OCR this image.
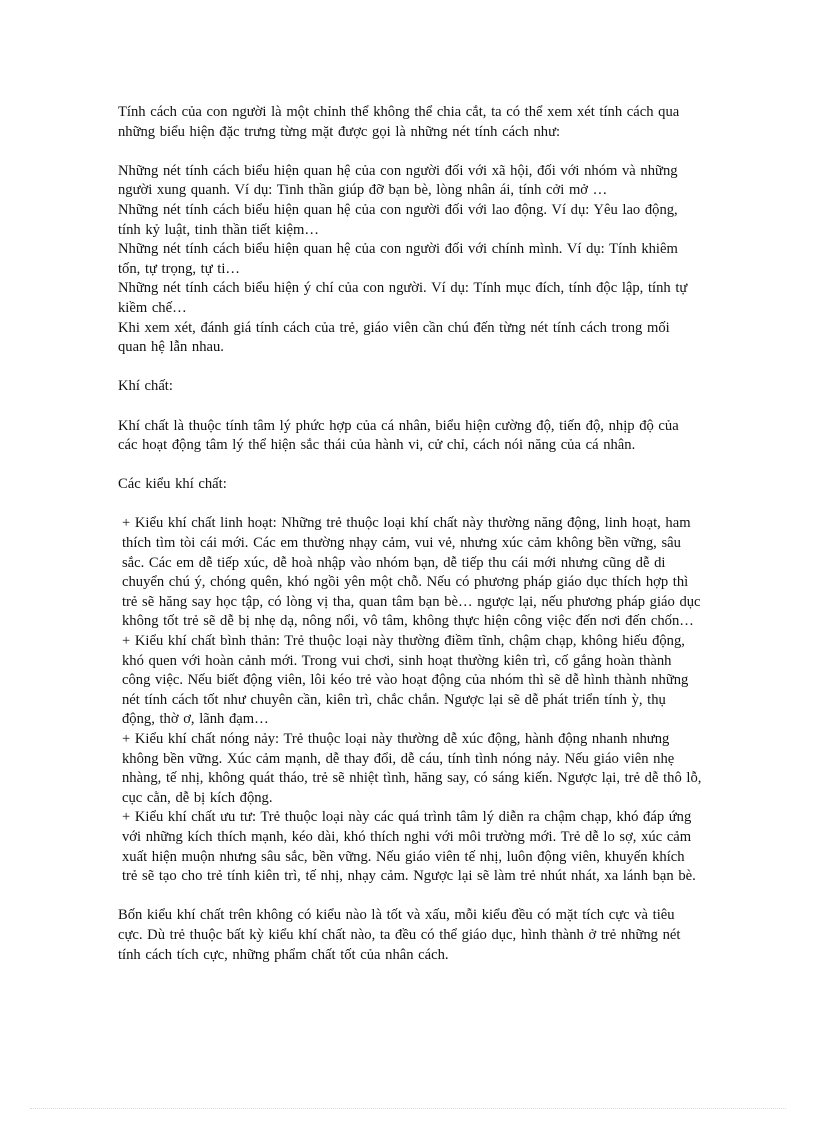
Tính cách của con người là một chỉnh thể không thể chia cắt, ta có thể xem xét tính cách qua những biểu hiện đặc trưng từng mặt được gọi là những nét tính cách như:

Những nét tính cách biểu hiện quan hệ của con người đối với xã hội, đối với nhóm và những người xung quanh. Ví dụ: Tinh thần giúp đỡ bạn bè, lòng nhân ái, tính cởi mở …

Những nét tính cách biểu hiện quan hệ của con người đối với lao động. Ví dụ: Yêu lao động, tính kỷ luật, tinh thần tiết kiệm…

Những nét tính cách biểu hiện quan hệ của con người đối với chính mình. Ví dụ: Tính khiêm tốn, tự trọng, tự ti…

Những nét tính cách biểu hiện ý chí của con người. Ví dụ: Tính mục đích, tính độc lập, tính tự kiềm chế…

Khi xem xét, đánh giá tính cách của trẻ, giáo viên cần chú đến từng nét tính cách trong mối quan hệ lẫn nhau.

Khí chất:

Khí chất là thuộc tính tâm lý phức hợp của cá nhân, biểu hiện cường độ, tiến độ, nhịp độ của các hoạt động tâm lý thể hiện sắc thái của hành vi, cử chỉ, cách nói năng của cá nhân.

Các kiểu khí chất:

+ Kiểu khí chất linh hoạt: Những trẻ thuộc loại khí chất này thường năng động, linh hoạt, ham thích tìm tòi cái mới. Các em thường nhạy cảm, vui vẻ, nhưng xúc cảm không bền vững, sâu sắc. Các em dễ tiếp xúc, dễ hoà nhập vào nhóm bạn, dễ tiếp thu cái mới nhưng cũng dễ di chuyển chú ý, chóng quên, khó ngồi yên một chỗ. Nếu có phương pháp giáo dục thích hợp thì trẻ sẽ hăng say học tập, có lòng vị tha, quan tâm bạn bè… ngược lại, nếu phương pháp giáo dục không tốt trẻ sẽ dễ bị nhẹ dạ, nông nổi, vô tâm, không thực hiện công việc đến nơi đến chốn…

+ Kiểu khí chất bình thản: Trẻ thuộc loại này thường điềm tĩnh, chậm chạp, không hiếu động, khó quen với hoàn cảnh mới. Trong vui chơi, sinh hoạt thường kiên trì, cố gắng hoàn thành công việc. Nếu biết động viên, lôi kéo trẻ vào hoạt động của nhóm thì sẽ dễ hình thành những nét tính cách tốt như chuyên cần, kiên trì, chắc chắn. Ngược lại sẽ dễ phát triển tính ỳ, thụ động, thờ ơ, lãnh đạm…

+ Kiểu khí chất nóng nảy: Trẻ thuộc loại này thường dễ xúc động, hành động nhanh nhưng không bền vững. Xúc cảm mạnh, dễ thay đổi, dễ cáu, tính tình nóng nảy. Nếu giáo viên nhẹ nhàng, tế nhị, không quát tháo, trẻ sẽ nhiệt tình, hăng say, có sáng kiến. Ngược lại, trẻ dễ thô lỗ, cục cằn, dễ bị kích động.

+ Kiểu khí chất ưu tư: Trẻ thuộc loại này các quá trình tâm lý diễn ra chậm chạp, khó đáp ứng với những kích thích mạnh, kéo dài, khó thích nghi với môi trường mới. Trẻ dễ lo sợ, xúc cảm xuất hiện muộn nhưng sâu sắc, bền vững. Nếu giáo viên tế nhị, luôn động viên, khuyến khích trẻ sẽ tạo cho trẻ tính kiên trì, tế nhị, nhạy cảm. Ngược lại sẽ làm trẻ nhút nhát, xa lánh bạn bè.

Bốn kiểu khí chất trên không có kiểu nào là tốt và xấu, mỗi kiểu đều có mặt tích cực và tiêu cực. Dù trẻ thuộc bất kỳ kiểu khí chất nào, ta đều có thể giáo dục, hình thành ở trẻ những nét tính cách tích cực, những phẩm chất tốt của nhân cách.
